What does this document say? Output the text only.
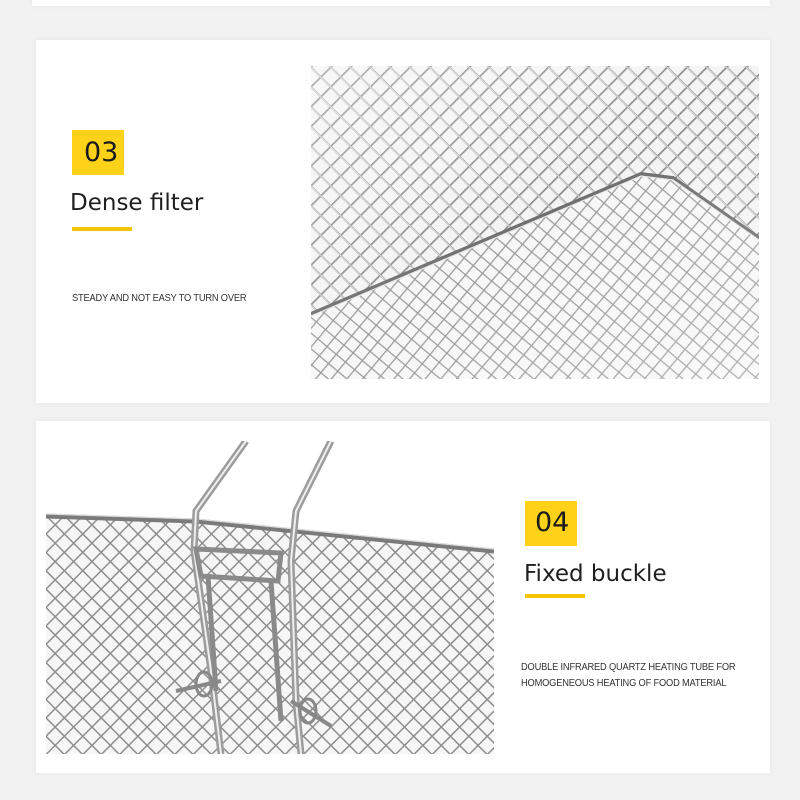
03
Dense filter
STEADY AND NOT EASY TO TURN OVER
04
Fixed buckle
DOUBLE INFRARED QUARTZ HEATING TUBE FOR
HOMOGENEOUS HEATING OF FOOD MATERIAL
